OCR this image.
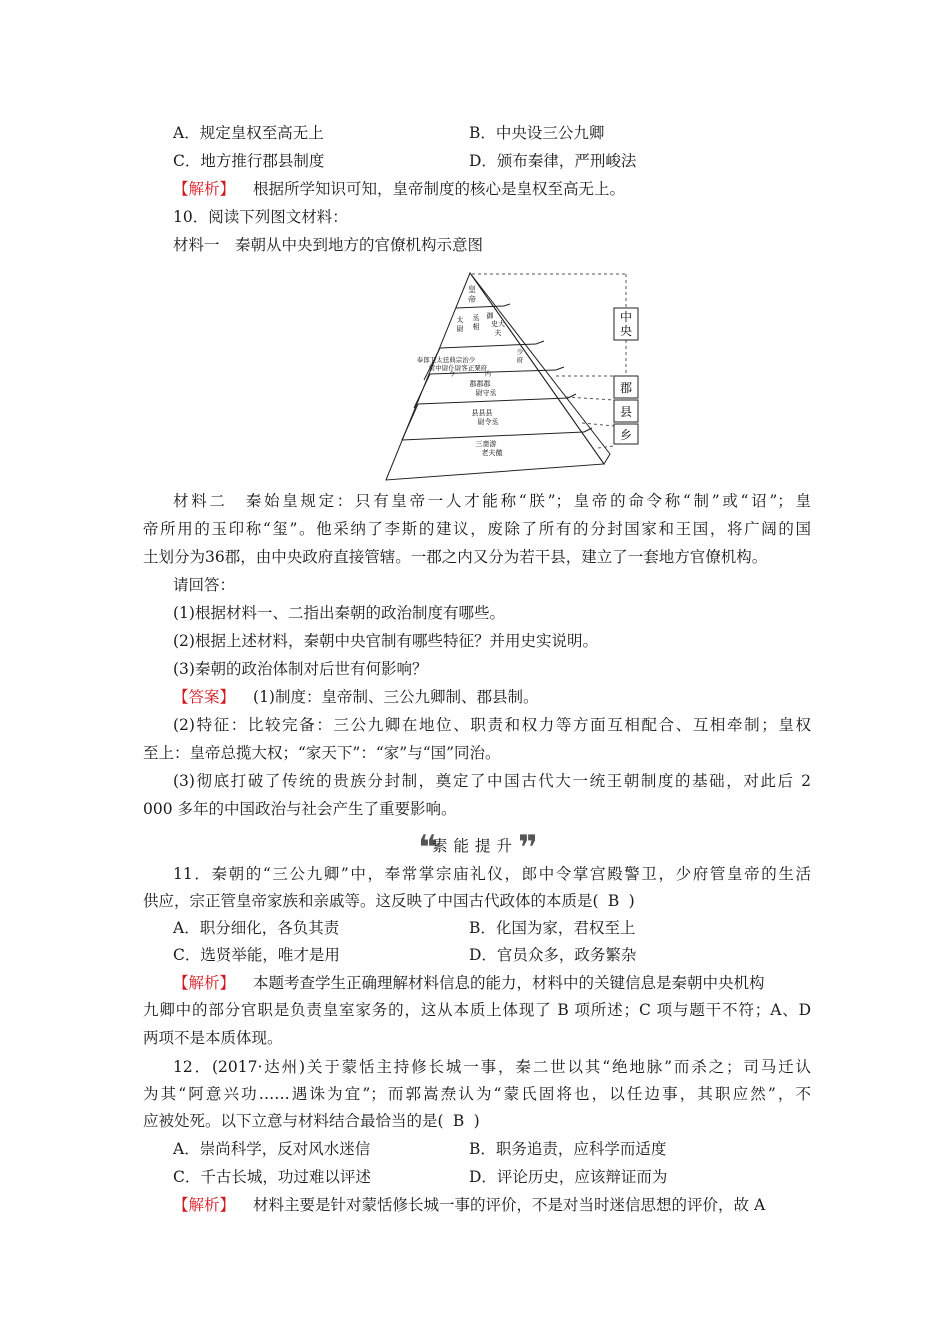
A．规定皇权至高无上	B．中央设三公九卿
C．地方推行郡县制度	D．颁布秦律，严刑峻法
【解析】 根据所学知识可知，皇帝制度的核心是皇权至高无上。
10．阅读下列图文材料：
材料一　秦朝从中央到地方的官僚机构示意图
中
央
郡
县
乡
皇
帝
太
尉
丞
相
御
史大
夫
奉郎卫太廷典宗治少
常中尉仆尉客正粟府
令　　　　　内
少
府
郡郡郡
尉守丞
县县县
尉令丞
三啬游
老夫徼
材料二　秦始皇规定：只有皇帝一人才能称“朕”；皇帝的命令称“制”或“诏”；皇
帝所用的玉印称“玺”。他采纳了李斯的建议，废除了所有的分封国家和王国，将广阔的国
土划分为36郡，由中央政府直接管辖。一郡之内又分为若干县，建立了一套地方官僚机构。
请回答：
(1)根据材料一、二指出秦朝的政治制度有哪些。
(2)根据上述材料，秦朝中央官制有哪些特征？并用史实说明。
(3)秦朝的政治体制对后世有何影响？
【答案】 (1)制度：皇帝制、三公九卿制、郡县制。
(2)特征：比较完备：三公九卿在地位、职责和权力等方面互相配合、互相牵制；皇权
至上：皇帝总揽大权；“家天下”：“家”与“国”同治。
(3)彻底打破了传统的贵族分封制，奠定了中国古代大一统王朝制度的基础，对此后 2
000 多年的中国政治与社会产生了重要影响。
❝素能提升❞
11．秦朝的“三公九卿”中，奉常掌宗庙礼仪，郎中令掌宫殿警卫，少府管皇帝的生活
供应，宗正管皇帝家族和亲戚等。这反映了中国古代政体的本质是( B )
A．职分细化，各负其责	B．化国为家，君权至上
C．选贤举能，唯才是用	D．官员众多，政务繁杂
【解析】 本题考查学生正确理解材料信息的能力，材料中的关键信息是秦朝中央机构
九卿中的部分官职是负责皇室家务的，这从本质上体现了 B 项所述；C 项与题干不符；A、D
两项不是本质体现。
12．(2017·达州)关于蒙恬主持修长城一事，秦二世以其“绝地脉”而杀之；司马迁认
为其“阿意兴功……遇诛为宜”；而郭嵩焘认为“蒙氏固将也，以任边事，其职应然”，不
应被处死。以下立意与材料结合最恰当的是( B )
A．崇尚科学，反对风水迷信	B．职务追责，应科学而适度
C．千古长城，功过难以评述	D．评论历史，应该辩证而为
【解析】 材料主要是针对蒙恬修长城一事的评价，不是对当时迷信思想的评价，故 A
